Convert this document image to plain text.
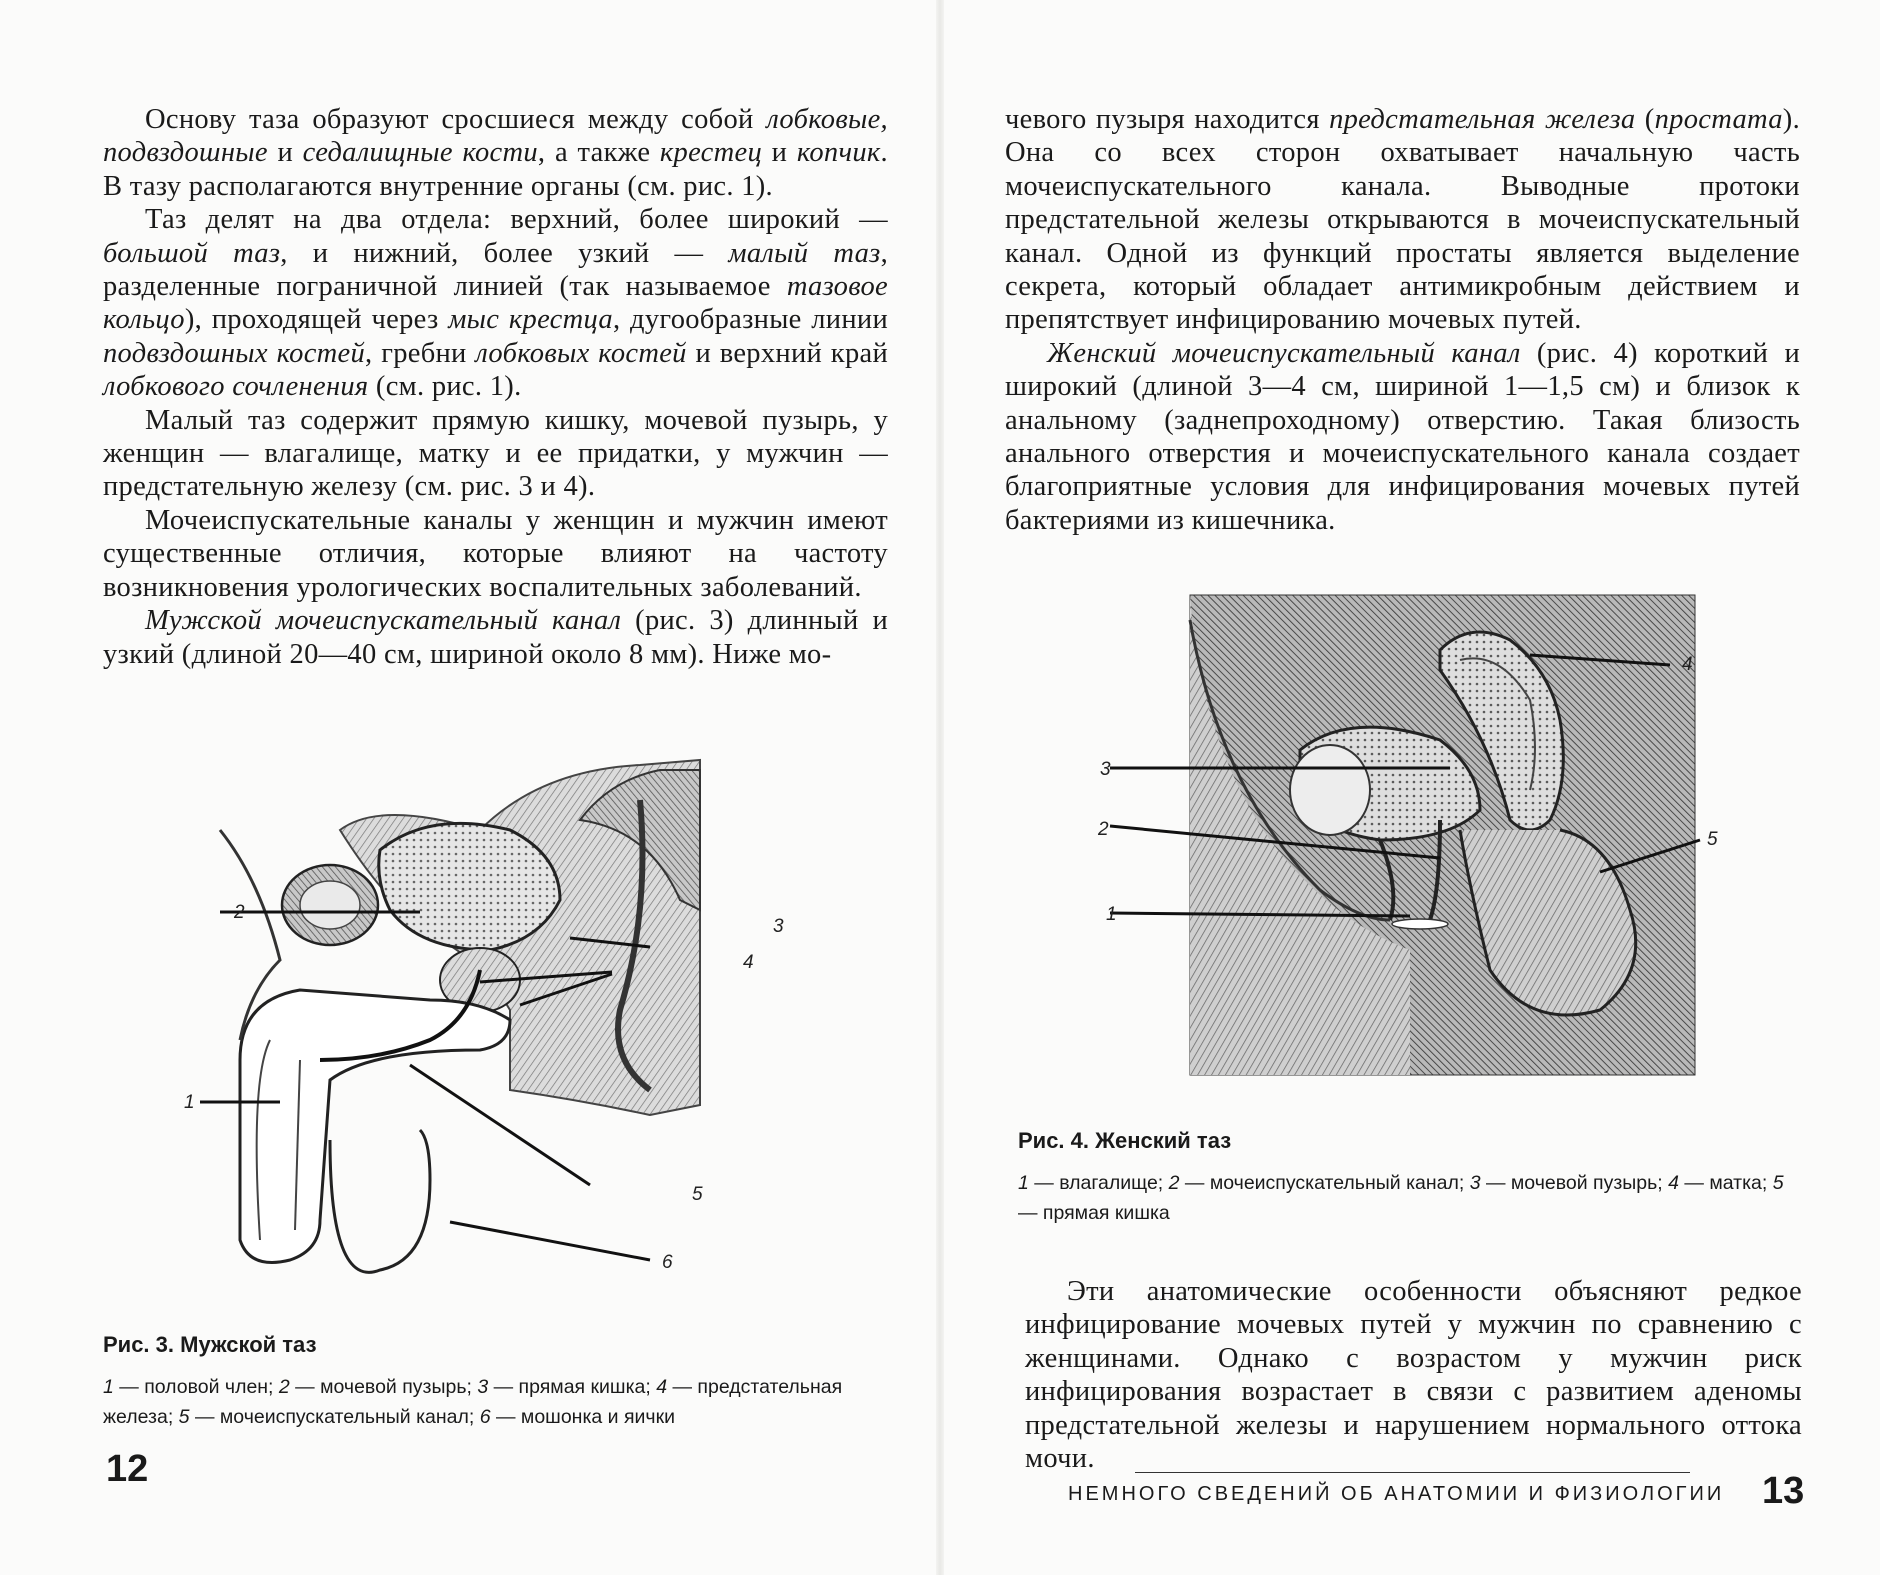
Основу таза образуют сросшиеся между собой лобковые, подвздошные и седалищные кости, а также крестец и копчик. В тазу располагаются внутренние органы (см. рис. 1).

Таз делят на два отдела: верхний, более широкий — большой таз, и нижний, более узкий — малый таз, разделенные пограничной линией (так называемое тазовое кольцо), проходящей через мыс крестца, дугообразные линии подвздошных костей, гребни лобковых костей и верхний край лобкового сочленения (см. рис. 1).

Малый таз содержит прямую кишку, мочевой пузырь, у женщин — влагалище, матку и ее придатки, у мужчин — предстательную железу (см. рис. 3 и 4).

Мочеиспускательные каналы у женщин и мужчин имеют существенные отличия, которые влияют на частоту возникновения урологических воспалительных заболеваний.

Мужской мочеиспускательный канал (рис. 3) длинный и узкий (длиной 20—40 см, шириной около 8 мм). Ниже мо-

1
2
3
4
5
6

Рис. 3. Мужской таз

1 — половой член; 2 — мочевой пузырь; 3 — прямая кишка; 4 — предстательная железа; 5 — мочеиспускательный канал; 6 — мошонка и яички

12

чевого пузыря находится предстательная железа (простата). Она со всех сторон охватывает начальную часть мочеиспускательного канала. Выводные протоки предстательной железы открываются в мочеиспускательный канал. Одной из функций простаты является выделение секрета, который обладает антимикробным действием и препятствует инфицированию мочевых путей.

Женский мочеиспускательный канал (рис. 4) короткий и широкий (длиной 3—4 см, шириной 1—1,5 см) и близок к анальному (заднепроходному) отверстию. Такая близость анального отверстия и мочеиспускательного канала создает благоприятные условия для инфицирования мочевых путей бактериями из кишечника.

1
2
3
4
5

Рис. 4. Женский таз

1 — влагалище; 2 — мочеиспускательный канал; 3 — мочевой пузырь; 4 — матка; 5 — прямая кишка

Эти анатомические особенности объясняют редкое инфицирование мочевых путей у мужчин по сравнению с женщинами. Однако с возрастом у мужчин риск инфицирования возрастает в связи с развитием аденомы предстательной железы и нарушением нормального оттока мочи.

НЕМНОГО СВЕДЕНИЙ ОБ АНАТОМИИ И ФИЗИОЛОГИИ 13
